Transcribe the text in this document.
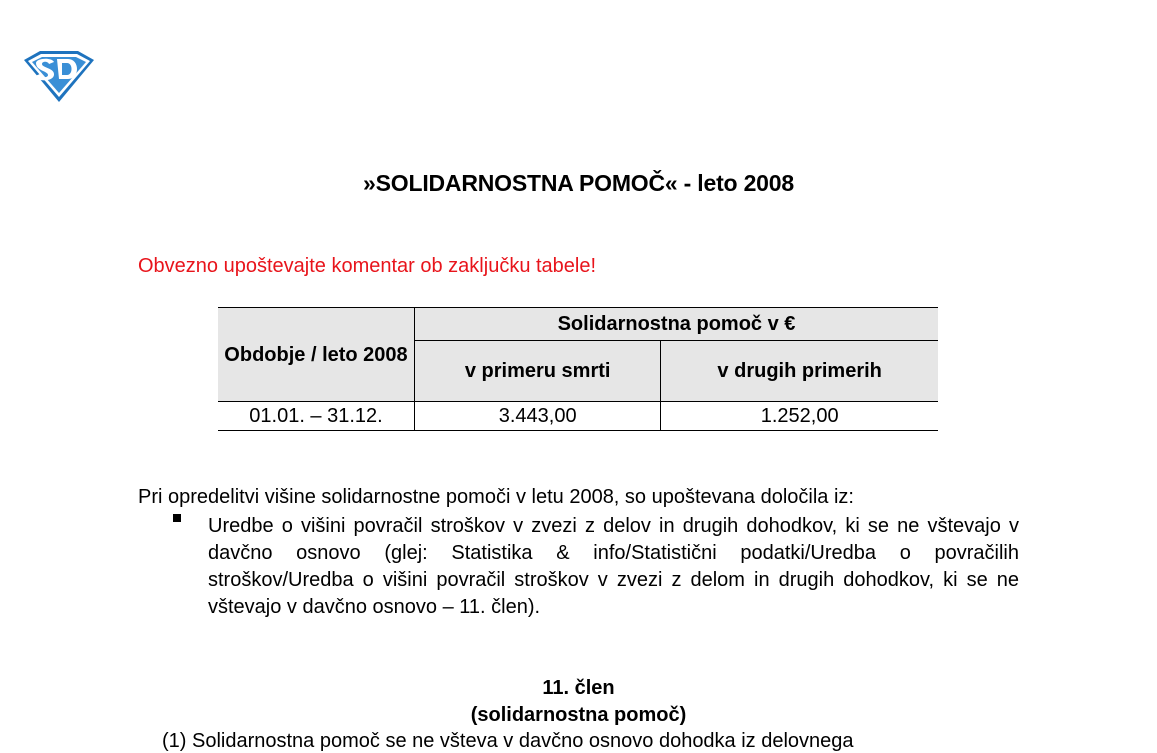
»SOLIDARNOSTNA POMOČ« - leto 2008
Obvezno upoštevajte komentar ob zaključku tabele!
Obdobje / leto 2008	Solidarnostna pomoč v €	
	v primeru smrti	v drugih primerih
01.01. – 31.12.	3.443,00	1.252,00
Pri opredelitvi višine solidarnostne pomoči v letu 2008, so upoštevana določila iz:
Uredbe o višini povračil stroškov v zvezi z delov in drugih dohodkov, ki se ne vštevajo v davčno osnovo (glej: Statistika & info/Statistični podatki/Uredba o povračilih stroškov/Uredba o višini povračil stroškov v zvezi z delom in drugih dohodkov, ki se ne vštevajo v davčno osnovo – 11. člen).
11. člen
(solidarnostna pomoč)
(1) Solidarnostna pomoč se ne všteva v davčno osnovo dohodka iz delovnega
